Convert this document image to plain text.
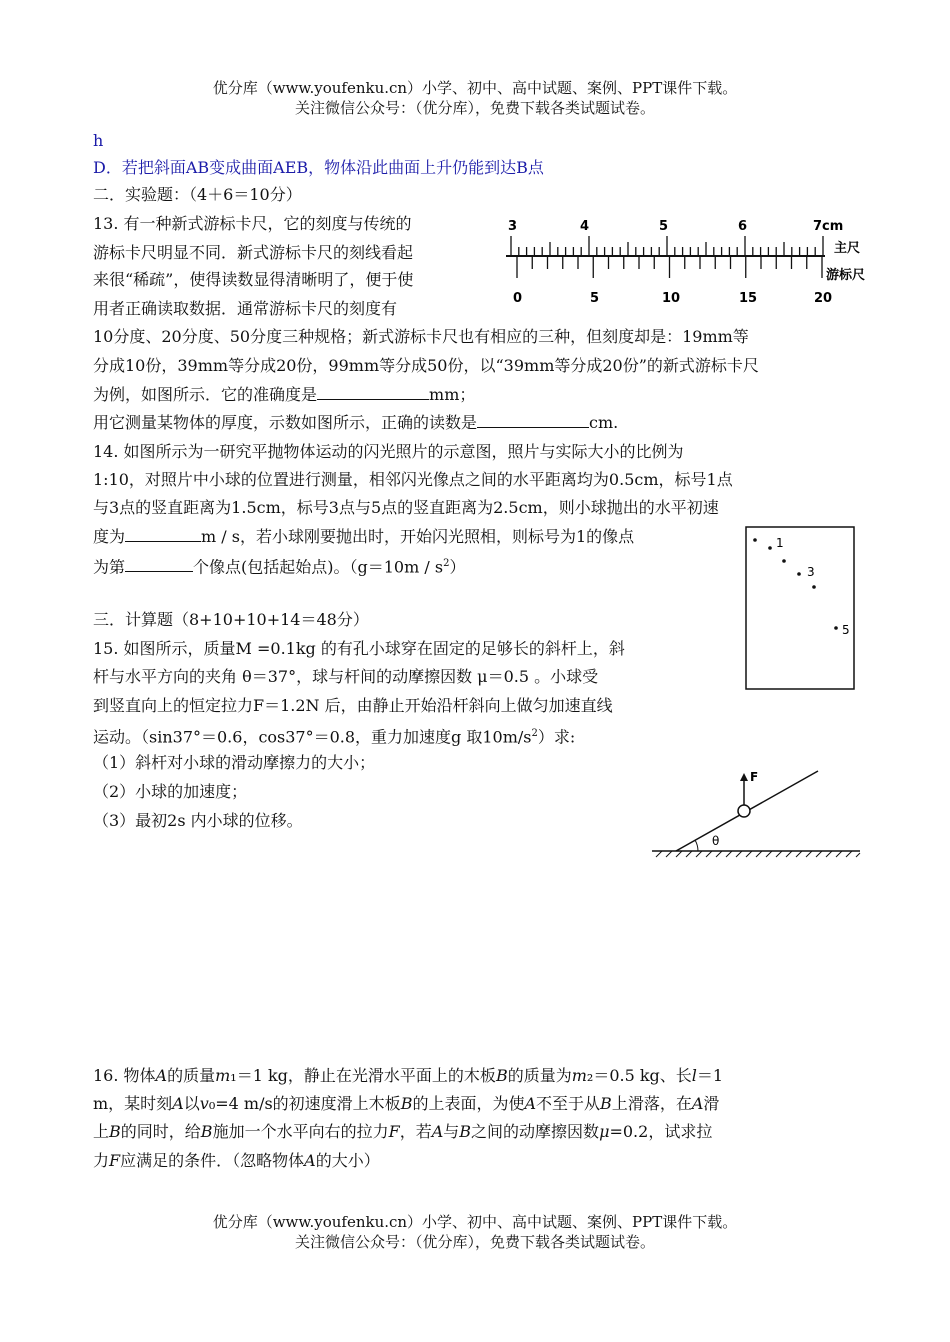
优分库（www.youfenku.cn）小学、初中、高中试题、案例、PPT课件下载。
关注微信公众号：（优分库），免费下载各类试题试卷。
h
D．若把斜面AB变成曲面AEB，物体沿此曲面上升仍能到达B点
二．实验题：（4＋6＝10分）
13. 有一种新式游标卡尺，它的刻度与传统的
游标卡尺明显不同．新式游标卡尺的刻线看起
来很“稀疏”，使得读数显得清晰明了，便于使
用者正确读取数据．通常游标卡尺的刻度有
10分度、20分度、50分度三种规格；新式游标卡尺也有相应的三种，但刻度却是：19mm等
分成10份，39mm等分成20份，99mm等分成50份，以“39mm等分成20份”的新式游标卡尺
为例，如图所示．它的准确度是	mm；
用它测量某物体的厚度，示数如图所示，正确的读数是	cm.
3	4	5	6	7cm
主尺
游标尺
0	5	10	15	20
14. 如图所示为一研究平抛物体运动的闪光照片的示意图，照片与实际大小的比例为
1:10，对照片中小球的位置进行测量，相邻闪光像点之间的水平距离均为0.5cm，标号1点
与3点的竖直距离为1.5cm，标号3点与5点的竖直距离为2.5cm，则小球抛出的水平初速
度为	m / s，若小球刚要抛出时，开始闪光照相，则标号为1的像点
为第	个像点(包括起始点)。$(g=10m / s^2)$
1
3
5
三．计算题（8+10+10+14＝48分）
15. 如图所示，质量M =0.1kg 的有孔小球穿在固定的足够长的斜杆上，斜
杆与水平方向的夹角 θ＝37°，球与杆间的动摩擦因数 μ＝0.5 。小球受
到竖直向上的恒定拉力F＝1.2N 后，由静止开始沿杆斜向上做匀加速直线
运动。（sin37°＝0.6，cos37°＝0.8，重力加速度g 取$10m/s^2$）求:
（1）斜杆对小球的滑动摩擦力的大小；
（2）小球的加速度；
（3）最初2s 内小球的位移。
θ
F
16. 物体A的质量m₁＝1 kg，静止在光滑水平面上的木板B的质量为m₂＝0.5 kg、长l＝1
m，某时刻A以v₀=4 m/s的初速度滑上木板B的上表面，为使A不至于从B上滑落，在A滑
上B的同时，给B施加一个水平向右的拉力F，若A与B之间的动摩擦因数μ=0.2，试求拉
力F应满足的条件．（忽略物体A的大小）
优分库（www.youfenku.cn）小学、初中、高中试题、案例、PPT课件下载。
关注微信公众号：（优分库），免费下载各类试题试卷。
